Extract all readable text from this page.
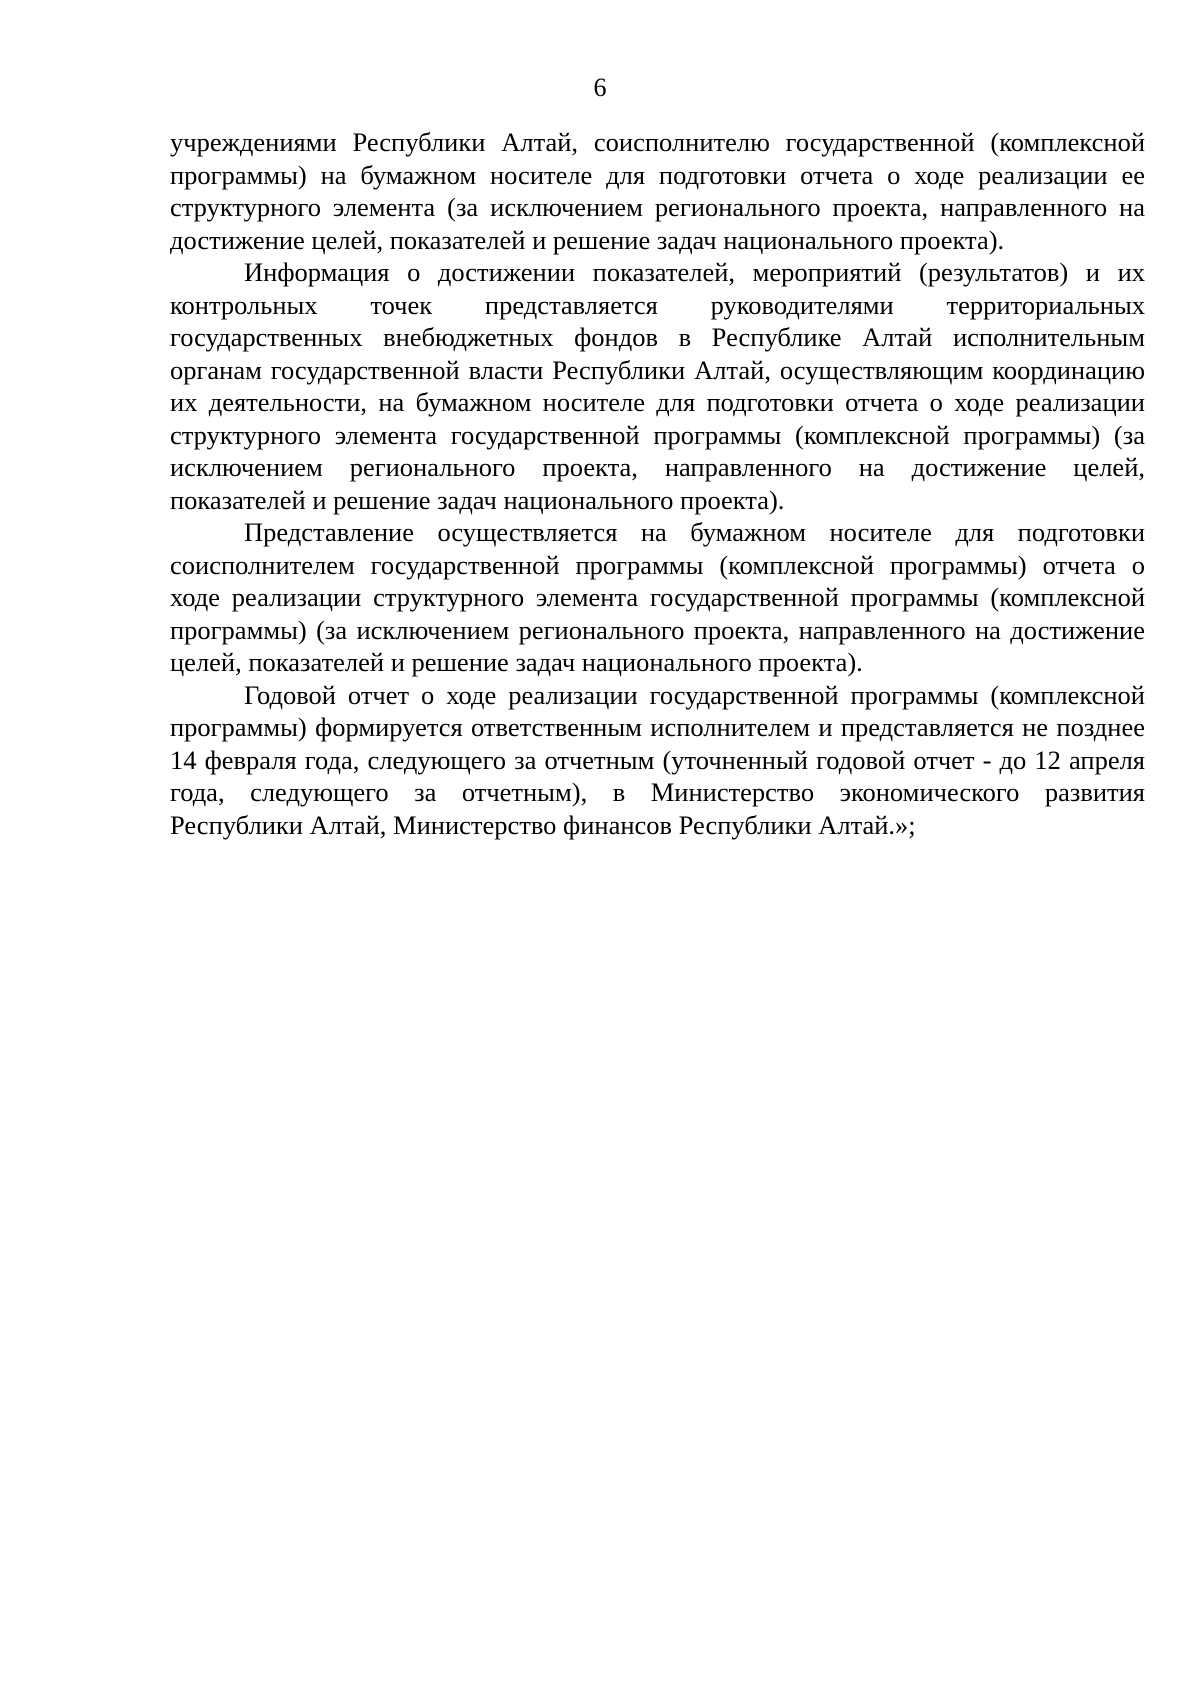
6

учреждениями Республики Алтай, соисполнителю государственной (комплексной программы) на бумажном носителе для подготовки отчета о ходе реализации ее структурного элемента (за исключением регионального проекта, направленного на достижение целей, показателей и решение задач национального проекта).

Информация о достижении показателей, мероприятий (результатов) и их контрольных точек представляется руководителями территориальных государственных внебюджетных фондов в Республике Алтай исполнительным органам государственной власти Республики Алтай, осуществляющим координацию их деятельности, на бумажном носителе для подготовки отчета о ходе реализации структурного элемента государственной программы (комплексной программы) (за исключением регионального проекта, направленного на достижение целей, показателей и решение задач национального проекта).

Представление осуществляется на бумажном носителе для подготовки соисполнителем государственной программы (комплексной программы) отчета о ходе реализации структурного элемента государственной программы (комплексной программы) (за исключением регионального проекта, направленного на достижение целей, показателей и решение задач национального проекта).

Годовой отчет о ходе реализации государственной программы (комплексной программы) формируется ответственным исполнителем и представляется не позднее 14 февраля года, следующего за отчетным (уточненный годовой отчет - до 12 апреля года, следующего за отчетным), в Министерство экономического развития Республики Алтай, Министерство финансов Республики Алтай.»;
